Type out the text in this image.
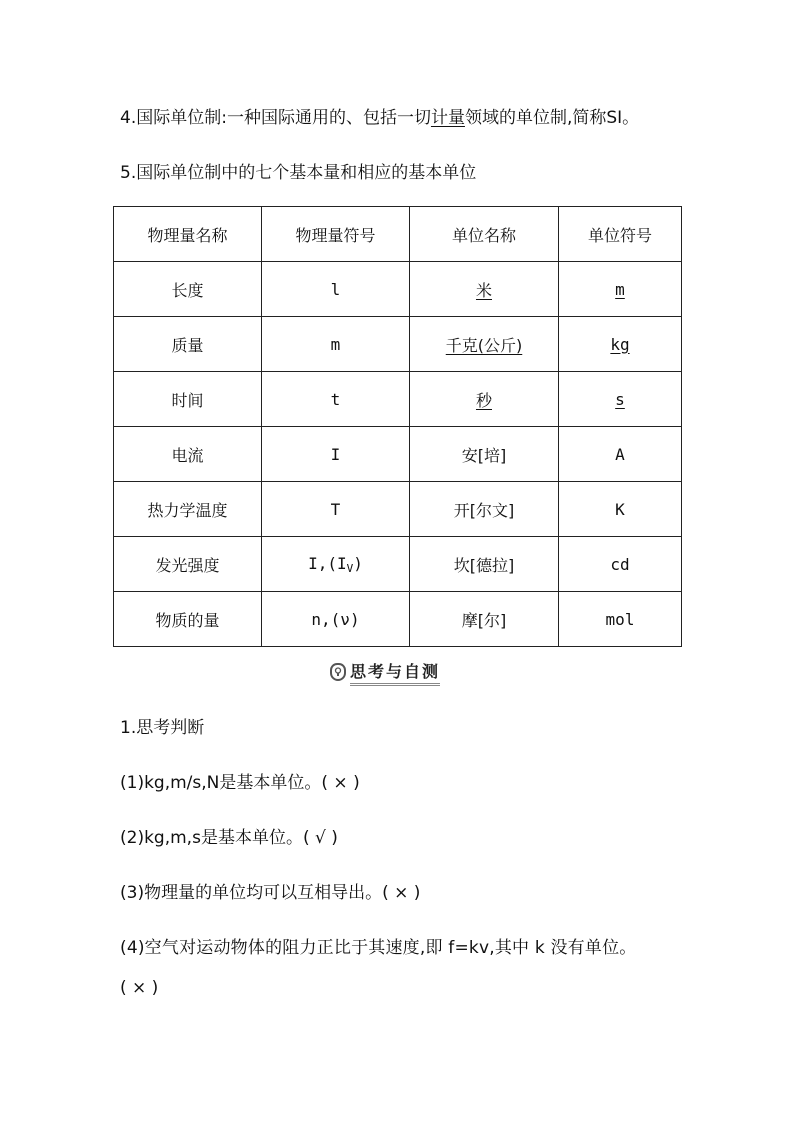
4.国际单位制:一种国际通用的、包括一切计量领域的单位制,简称SI。
5.国际单位制中的七个基本量和相应的基本单位
物理量名称	物理量符号	单位名称	单位符号
长度	l	米	m
质量	m	千克(公斤)	kg
时间	t	秒	s
电流	I	安[培]	A
热力学温度	T	开[尔文]	K
发光强度	$I,(I_V)$	坎[德拉]	cd
物质的量	n,(ν)	摩[尔]	mol
思考与自测
1.思考判断
(1)kg,m/s,N是基本单位。( × )
(2)kg,m,s是基本单位。( √ )
(3)物理量的单位均可以互相导出。( × )
(4)空气对运动物体的阻力正比于其速度,即 f=kv,其中 k 没有单位。
( × )
